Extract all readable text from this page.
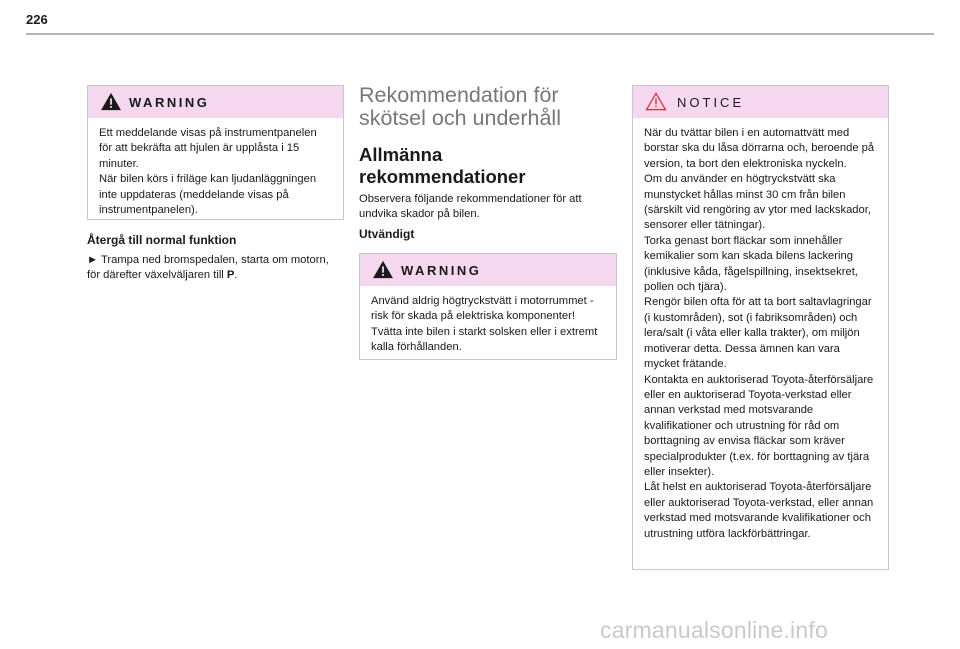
226
WARNING

Ett meddelande visas på instrumentpanelen för att bekräfta att hjulen är upplåsta i 15 minuter.

När bilen körs i friläge kan ljudanläggningen inte uppdateras (meddelande visas på instrumentpanelen).

Återgå till normal funktion
► Trampa ned bromspedalen, starta om motorn, för därefter växelväljaren till P.
Rekommendation för skötsel och underhåll
Allmänna rekommendationer
Observera följande rekommendationer för att undvika skador på bilen.
Utvändigt
WARNING

Använd aldrig högtryckstvätt i motorrummet - risk för skada på elektriska komponenter!

Tvätta inte bilen i starkt solsken eller i extremt kalla förhållanden.

NOTICE

När du tvättar bilen i en automattvätt med borstar ska du låsa dörrarna och, beroende på version, ta bort den elektroniska nyckeln.

Om du använder en högtryckstvätt ska munstycket hållas minst 30 cm från bilen (särskilt vid rengöring av ytor med lackskador, sensorer eller tätningar).

Torka genast bort fläckar som innehåller kemikalier som kan skada bilens lackering (inklusive kåda, fågelspillning, insektsekret, pollen och tjära).

Rengör bilen ofta för att ta bort saltavlagringar (i kustområden), sot (i fabriksområden) och lera/salt (i våta eller kalla trakter), om miljön motiverar detta. Dessa ämnen kan vara mycket frätande.

Kontakta en auktoriserad Toyota-återförsäljare eller en auktoriserad Toyota-verkstad eller annan verkstad med motsvarande kvalifikationer och utrustning för råd om borttagning av envisa fläckar som kräver specialprodukter (t.ex. för borttagning av tjära eller insekter).

Låt helst en auktoriserad Toyota-återförsäljare eller auktoriserad Toyota-verkstad, eller annan verkstad med motsvarande kvalifikationer och utrustning utföra lackförbättringar.

carmanualsonline.info
